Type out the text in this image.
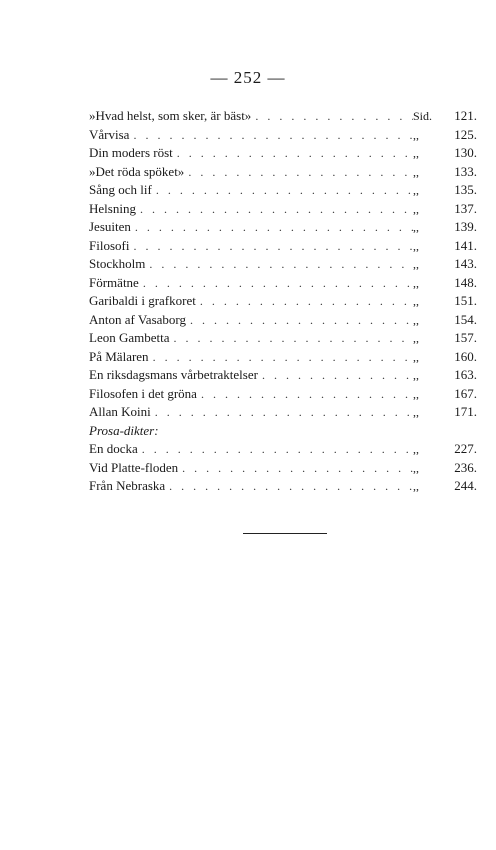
— 252 —
»Hvad helst, som sker, är bäst» . . .	Sid.	121.
Vårvisa . . .	,,	125.
Din moders röst . . .	,,	130.
»Det röda spöket» . . .	,,	133.
Sång och lif . . .	,,	135.
Helsning . . .	,,	137.
Jesuiten . . .	,,	139.
Filosofi . . .	,,	141.
Stockholm . . .	,,	143.
Förmätne . . .	,,	148.
Garibaldi i grafkoret . . .	,,	151.
Anton af Vasaborg . . .	,,	154.
Leon Gambetta . . .	,,	157.
På Mälaren . . .	,,	160.
En riksdagsmans vårbetraktelser . . .	,,	163.
Filosofen i det gröna . . .	,,	167.
Allan Koini . . .	,,	171.
Prosa-dikter:
En docka . . .	,,	227.
Vid Platte-floden . . .	,,	236.
Från Nebraska . . .	,,	244.
